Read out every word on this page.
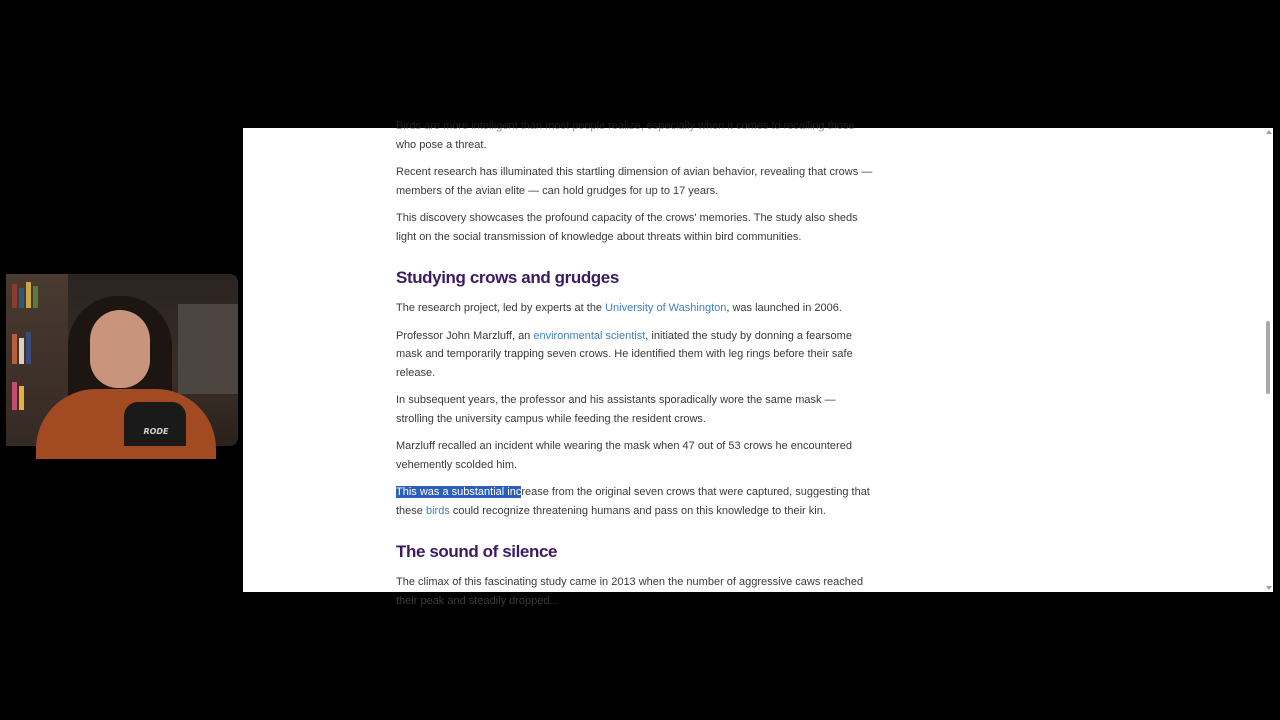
Birds are more intelligent than most people realize, especially when it comes to recalling those
who pose a threat.

Recent research has illuminated this startling dimension of avian behavior, revealing that crows — members of the avian elite — can hold grudges for up to 17 years.

This discovery showcases the profound capacity of the crows' memories. The study also sheds light on the social transmission of knowledge about threats within bird communities.

Studying crows and grudges

The research project, led by experts at the University of Washington, was launched in 2006.

Professor John Marzluff, an environmental scientist, initiated the study by donning a fearsome mask and temporarily trapping seven crows. He identified them with leg rings before their safe release.

In subsequent years, the professor and his assistants sporadically wore the same mask — strolling the university campus while feeding the resident crows.

Marzluff recalled an incident while wearing the mask when 47 out of 53 crows he encountered vehemently scolded him.

This was a substantial increase from the original seven crows that were captured, suggesting that these birds could recognize threatening humans and pass on this knowledge to their kin.

The sound of silence

The climax of this fascinating study came in 2013 when the number of aggressive caws reached their peak and steadily dropped...

RODE
